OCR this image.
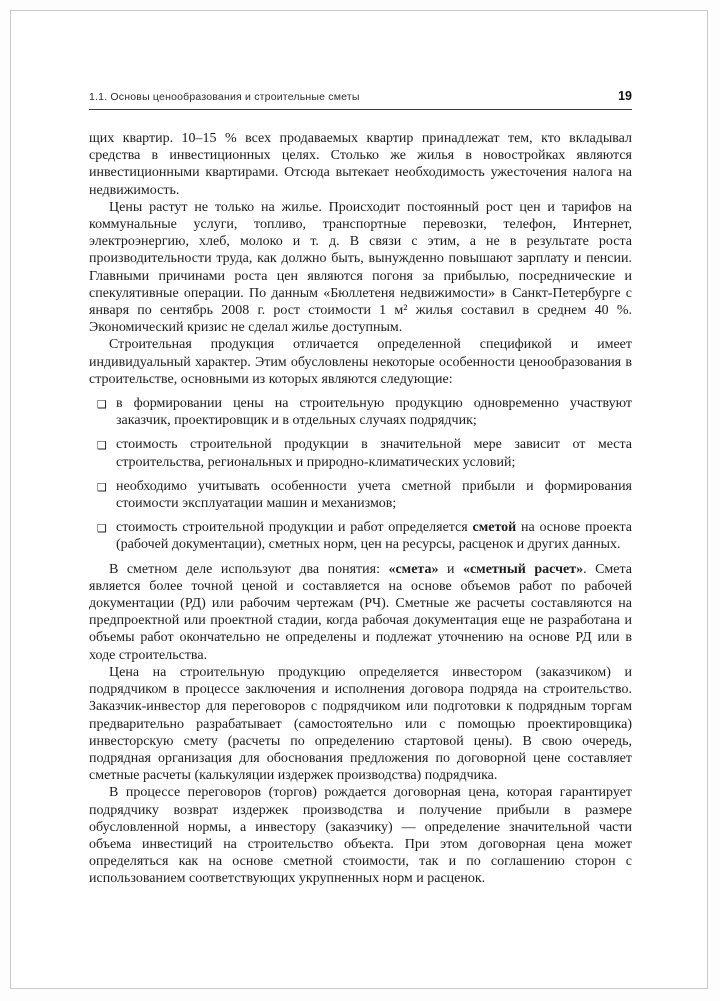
1.1. Основы ценообразования и строительные сметы	19

щих квартир. 10–15 % всех продаваемых квартир принадлежат тем, кто вкладывал средства в инвестиционных целях. Столько же жилья в новостройках являются инвестиционными квартирами. Отсюда вытекает необходимость ужесточения налога на недвижимость.

Цены растут не только на жилье. Происходит постоянный рост цен и тарифов на коммунальные услуги, топливо, транспортные перевозки, телефон, Интернет, электроэнергию, хлеб, молоко и т. д. В связи с этим, а не в результате роста производительности труда, как должно быть, вынужденно повышают зарплату и пенсии. Главными причинами роста цен являются погоня за прибылью, посреднические и спекулятивные операции. По данным «Бюллетеня недвижимости» в Санкт-Петербурге с января по сентябрь 2008 г. рост стоимости 1 м² жилья составил в среднем 40 %. Экономический кризис не сделал жилье доступным.

Строительная продукция отличается определенной спецификой и имеет индивидуальный характер. Этим обусловлены некоторые особенности ценообразования в строительстве, основными из которых являются следующие:

❑ в формировании цены на строительную продукцию одновременно участвуют заказчик, проектировщик и в отдельных случаях подрядчик;
❑ стоимость строительной продукции в значительной мере зависит от места строительства, региональных и природно-климатических условий;
❑ необходимо учитывать особенности учета сметной прибыли и формирования стоимости эксплуатации машин и механизмов;
❑ стоимость строительной продукции и работ определяется сметой на основе проекта (рабочей документации), сметных норм, цен на ресурсы, расценок и других данных.

В сметном деле используют два понятия: «смета» и «сметный расчет». Смета является более точной ценой и составляется на основе объемов работ по рабочей документации (РД) или рабочим чертежам (РЧ). Сметные же расчеты составляются на предпроектной или проектной стадии, когда рабочая документация еще не разработана и объемы работ окончательно не определены и подлежат уточнению на основе РД или в ходе строительства.

Цена на строительную продукцию определяется инвестором (заказчиком) и подрядчиком в процессе заключения и исполнения договора подряда на строительство. Заказчик-инвестор для переговоров с подрядчиком или подготовки к подрядным торгам предварительно разрабатывает (самостоятельно или с помощью проектировщика) инвесторскую смету (расчеты по определению стартовой цены). В свою очередь, подрядная организация для обоснования предложения по договорной цене составляет сметные расчеты (калькуляции издержек производства) подрядчика.

В процессе переговоров (торгов) рождается договорная цена, которая гарантирует подрядчику возврат издержек производства и получение прибыли в размере обусловленной нормы, а инвестору (заказчику) — определение значительной части объема инвестиций на строительство объекта. При этом договорная цена может определяться как на основе сметной стоимости, так и по соглашению сторон с использованием соответствующих укрупненных норм и расценок.
